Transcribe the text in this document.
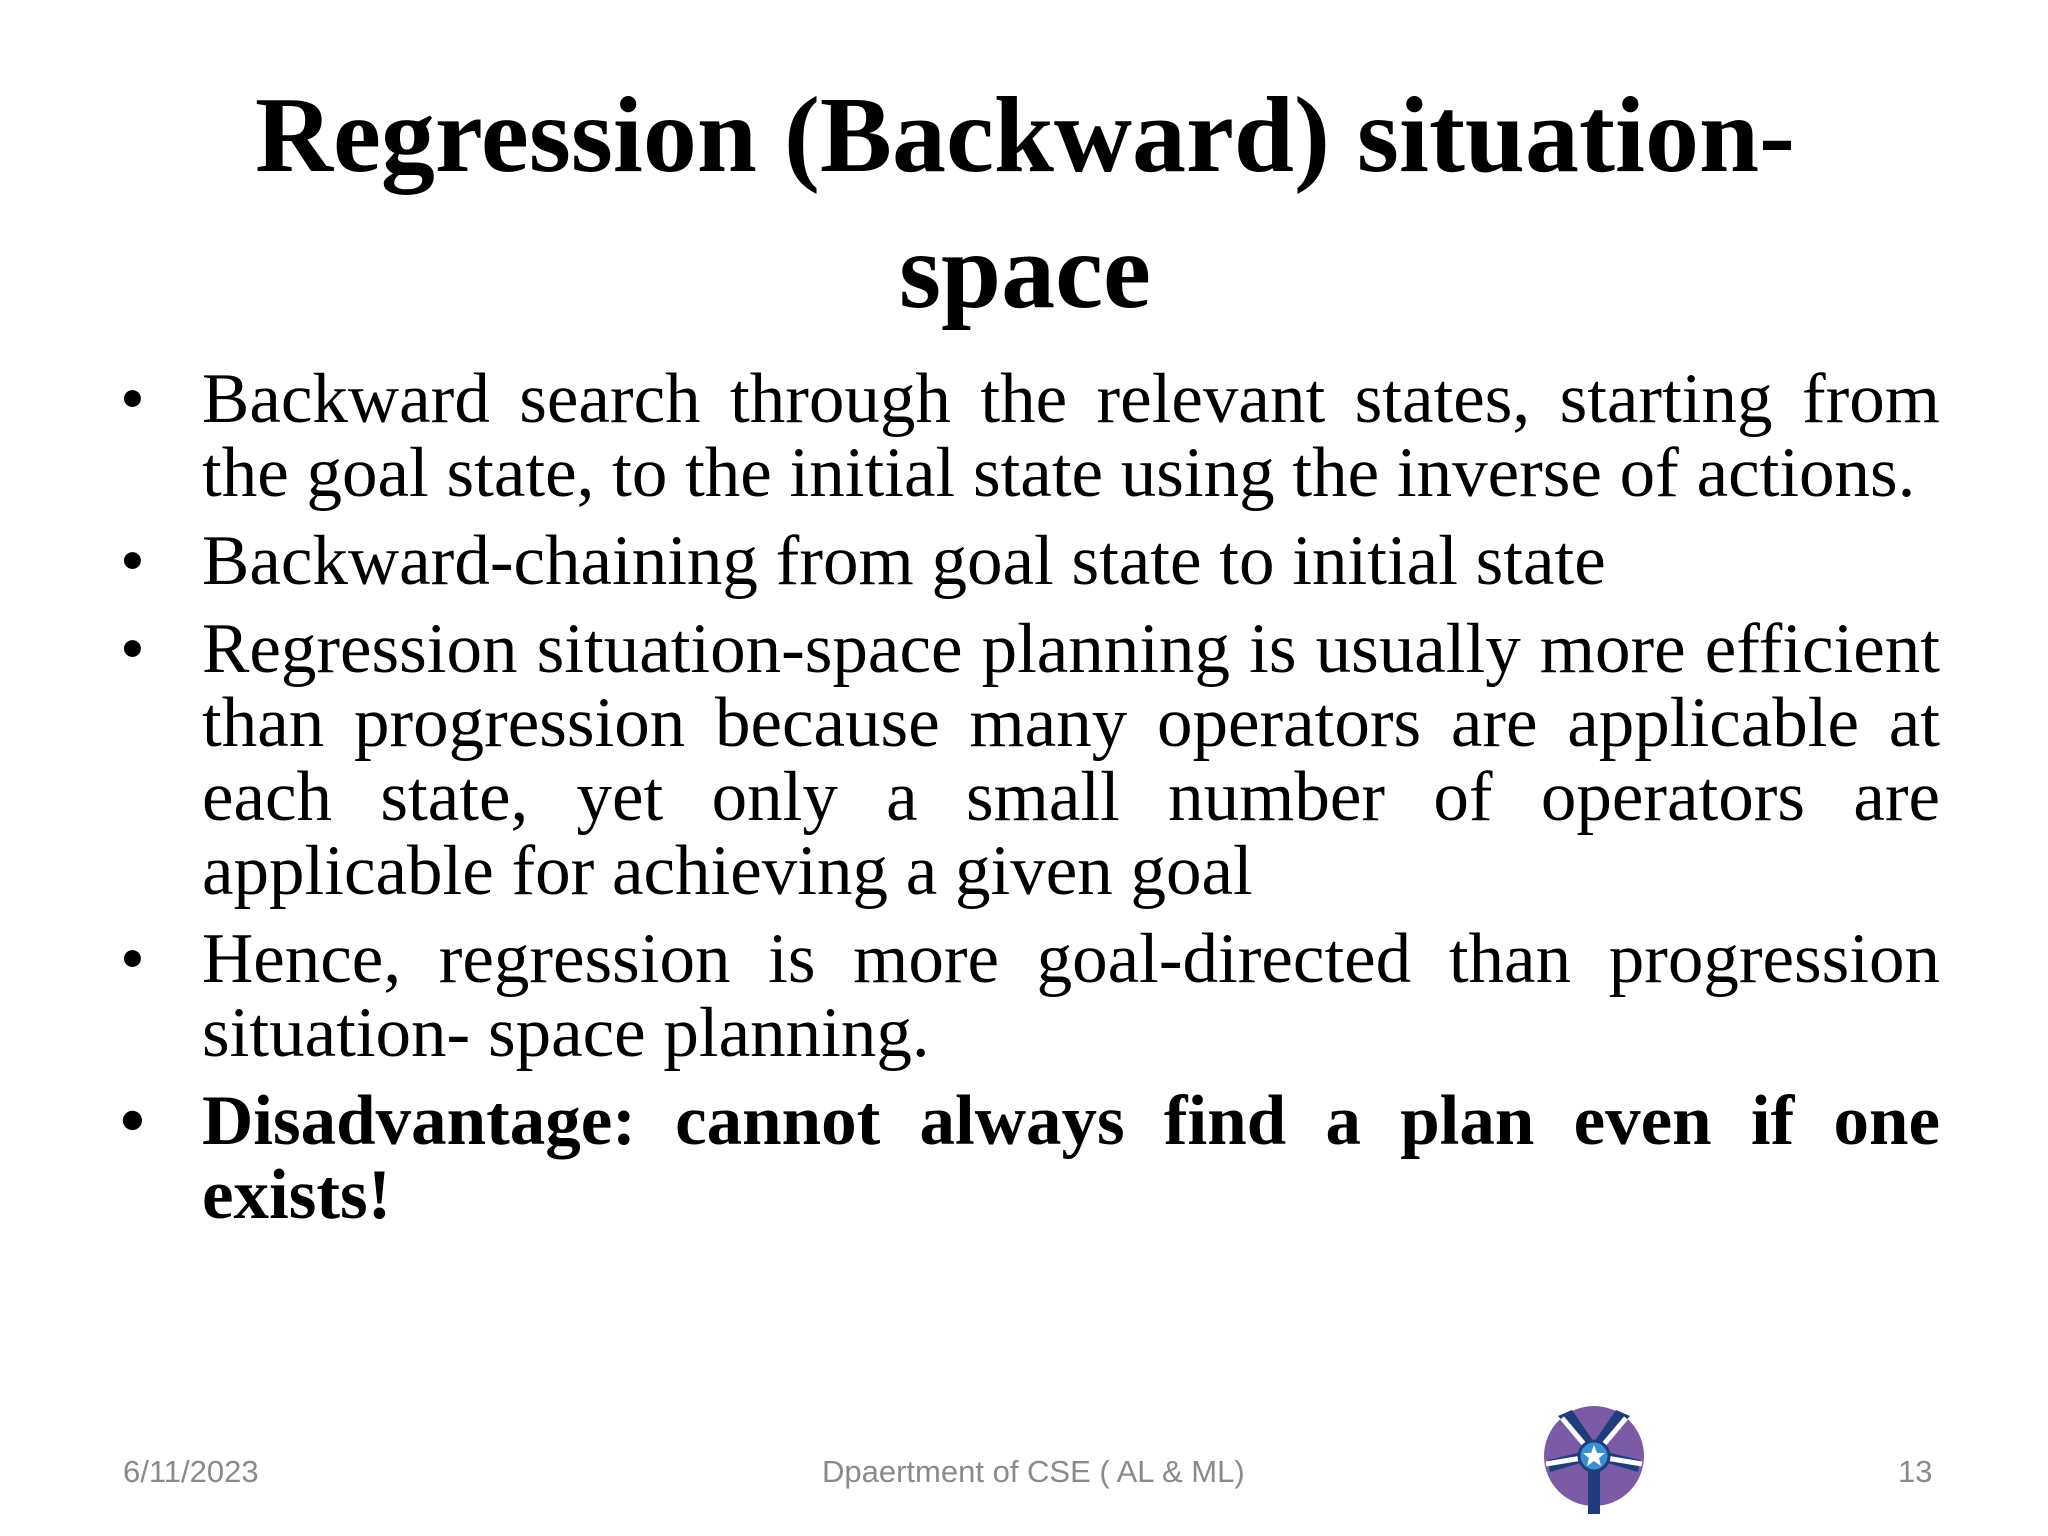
Regression (Backward) situation-space
• Backward search through the relevant states, starting from the goal state, to the initial state using the inverse of actions.
• Backward-chaining from goal state to initial state
• Regression situation-space planning is usually more efficient than progression because many operators are applicable at each state, yet only a small number of operators are applicable for achieving a given goal
• Hence, regression is more goal-directed than progression situation- space planning.
• Disadvantage: cannot always find a plan even if one exists!
6/11/2023	Dpaertment of CSE ( AL & ML)	13
